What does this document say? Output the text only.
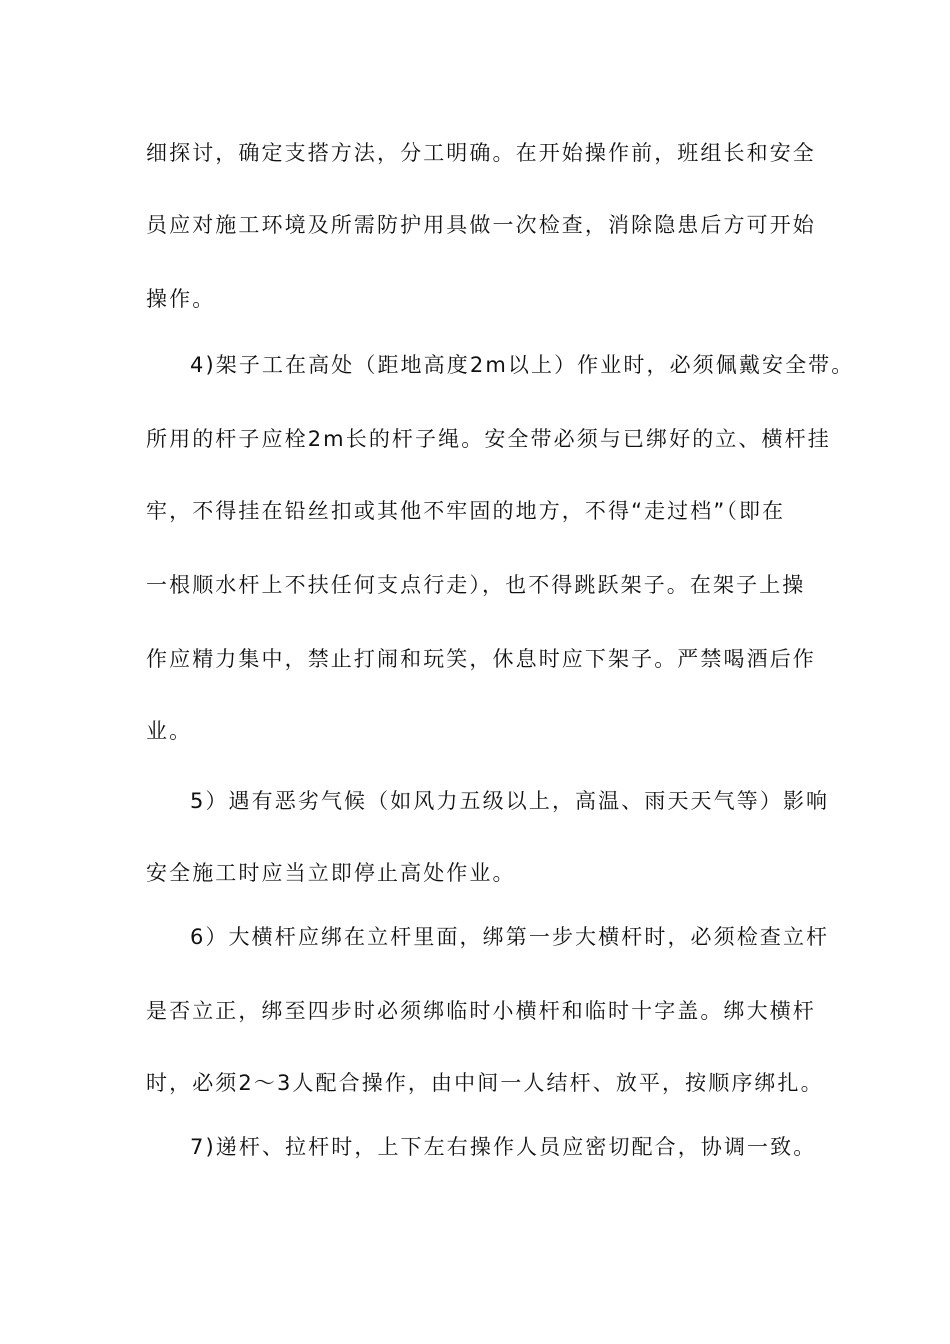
细探讨，确定支搭方法，分工明确。在开始操作前，班组长和安全
员应对施工环境及所需防护用具做一次检查，消除隐患后方可开始
操作。
4)架子工在高处（距地高度2m以上）作业时，必须佩戴安全带。
所用的杆子应栓2m长的杆子绳。安全带必须与已绑好的立、横杆挂
牢，不得挂在铅丝扣或其他不牢固的地方，不得“走过档”（即在
一根顺水杆上不扶任何支点行走），也不得跳跃架子。在架子上操
作应精力集中，禁止打闹和玩笑，休息时应下架子。严禁喝酒后作
业。
5）遇有恶劣气候（如风力五级以上，高温、雨天天气等）影响
安全施工时应当立即停止高处作业。
6）大横杆应绑在立杆里面，绑第一步大横杆时，必须检查立杆
是否立正，绑至四步时必须绑临时小横杆和临时十字盖。绑大横杆
时，必须2～3人配合操作，由中间一人结杆、放平，按顺序绑扎。
7)递杆、拉杆时，上下左右操作人员应密切配合，协调一致。
